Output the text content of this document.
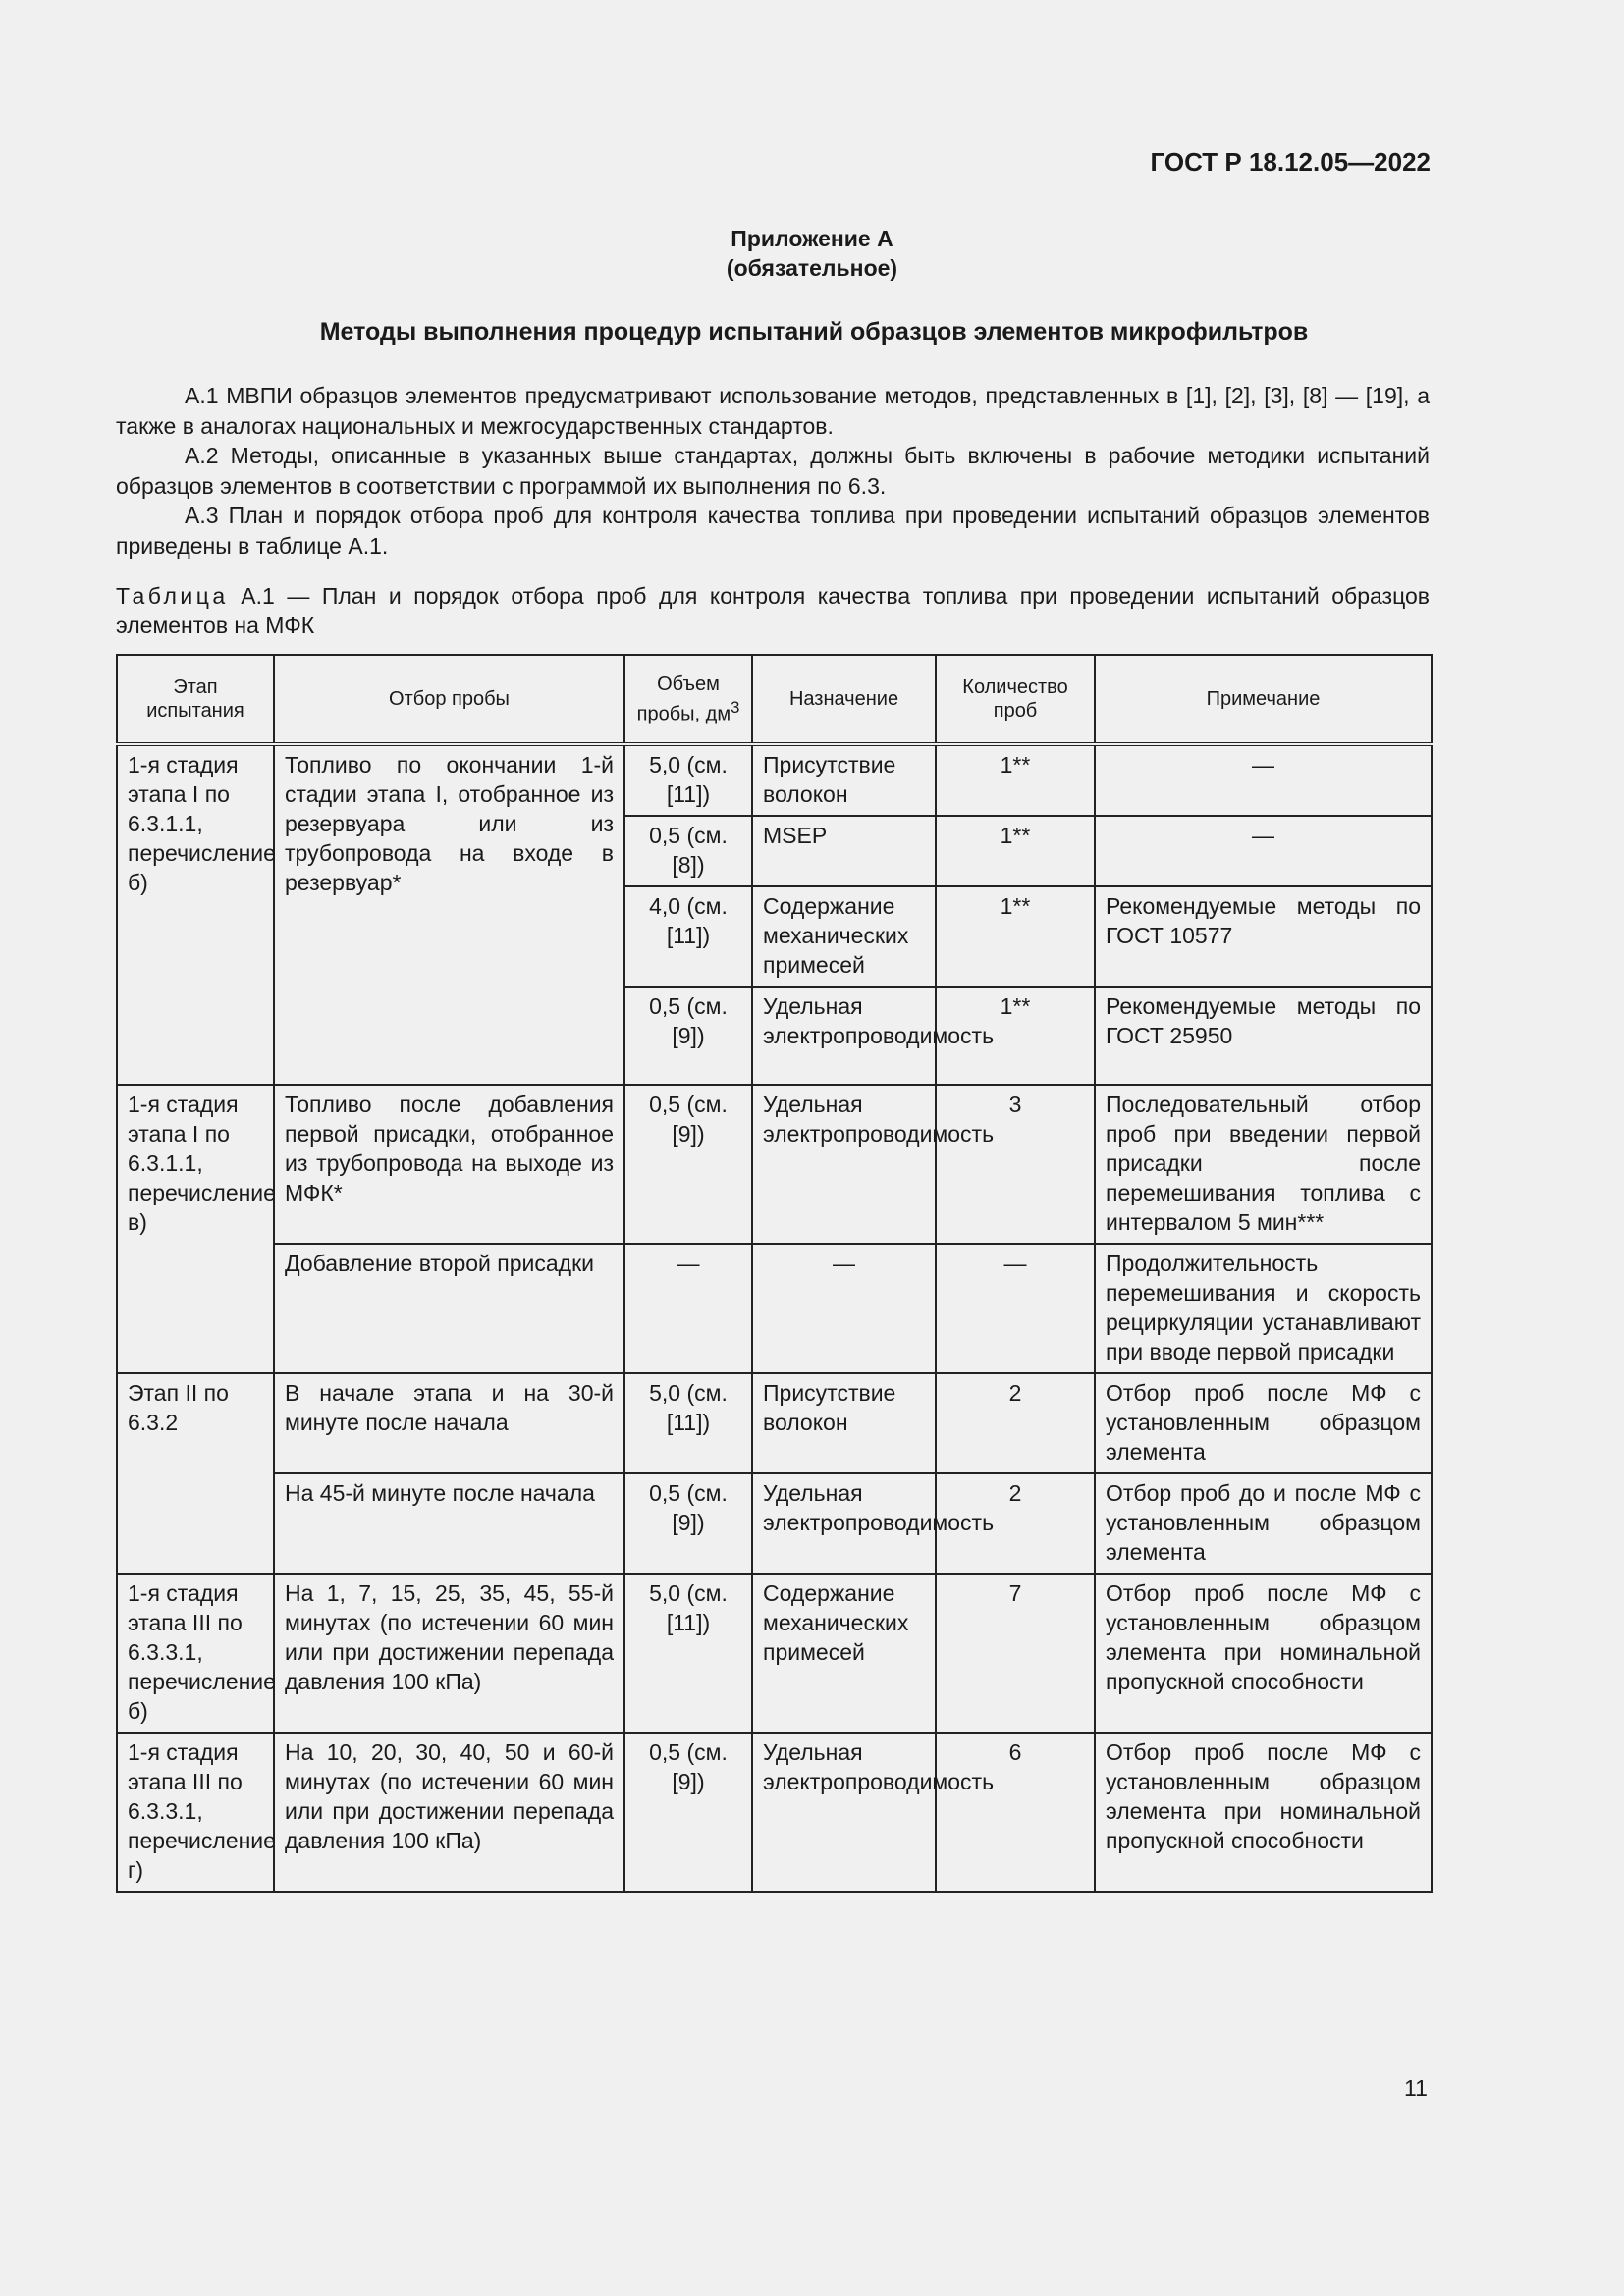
ГОСТ Р 18.12.05—2022
Приложение А
(обязательное)
Методы выполнения процедур испытаний образцов элементов микрофильтров

А.1 МВПИ образцов элементов предусматривают использование методов, представленных в [1], [2], [3], [8] — [19], а также в аналогах национальных и межгосударственных стандартов.

А.2 Методы, описанные в указанных выше стандартах, должны быть включены в рабочие методики испытаний образцов элементов в соответствии с программой их выполнения по 6.3.

А.3 План и порядок отбора проб для контроля качества топлива при проведении испытаний образцов элементов приведены в таблице А.1.

Таблица А.1 — План и порядок отбора проб для контроля качества топлива при проведении испытаний образцов элементов на МФК
Этап испытания	Отбор пробы	Объем пробы, $дм^3$	Назначение	Количество проб	Примечание
1-я стадия этапа I по 6.3.1.1, перечисление б)	Топливо по окончании 1-й стадии этапа I, отобранное из резервуара или из трубопровода на входе в резервуар*	5,0 (см. [11])	Присутствие волокон	1**	—
		0,5 (см. [8])	MSEP	1**	—
		4,0 (см. [11])	Содержание механических примесей	1**	Рекомендуемые методы по ГОСТ 10577
		0,5 (см. [9])	Удельная электропроводимость	1**	Рекомендуемые методы по ГОСТ 25950
1-я стадия этапа I по 6.3.1.1, перечисление в)	Топливо после добавления первой присадки, отобранное из трубопровода на выходе из МФК*	0,5 (см. [9])	Удельная электропроводимость	3	Последовательный отбор проб при введении первой присадки после перемешивания топлива с интервалом 5 мин***
	Добавление второй присадки	—	—	—	Продолжительность перемешивания и скорость рециркуляции устанавливают при вводе первой присадки
Этап II по 6.3.2	В начале этапа и на 30-й минуте после начала	5,0 (см. [11])	Присутствие волокон	2	Отбор проб после МФ с установленным образцом элемента
	На 45-й минуте после начала	0,5 (см. [9])	Удельная электропроводимость	2	Отбор проб до и после МФ с установленным образцом элемента
1-я стадия этапа III по 6.3.3.1, перечисление б)	На 1, 7, 15, 25, 35, 45, 55-й минутах (по истечении 60 мин или при достижении перепада давления 100 кПа)	5,0 (см. [11])	Содержание механических примесей	7	Отбор проб после МФ с установленным образцом элемента при номинальной пропускной способности
1-я стадия этапа III по 6.3.3.1, перечисление г)	На 10, 20, 30, 40, 50 и 60-й минутах (по истечении 60 мин или при достижении перепада давления 100 кПа)	0,5 (см. [9])	Удельная электропроводимость	6	Отбор проб после МФ с установленным образцом элемента при номинальной пропускной способности
11
